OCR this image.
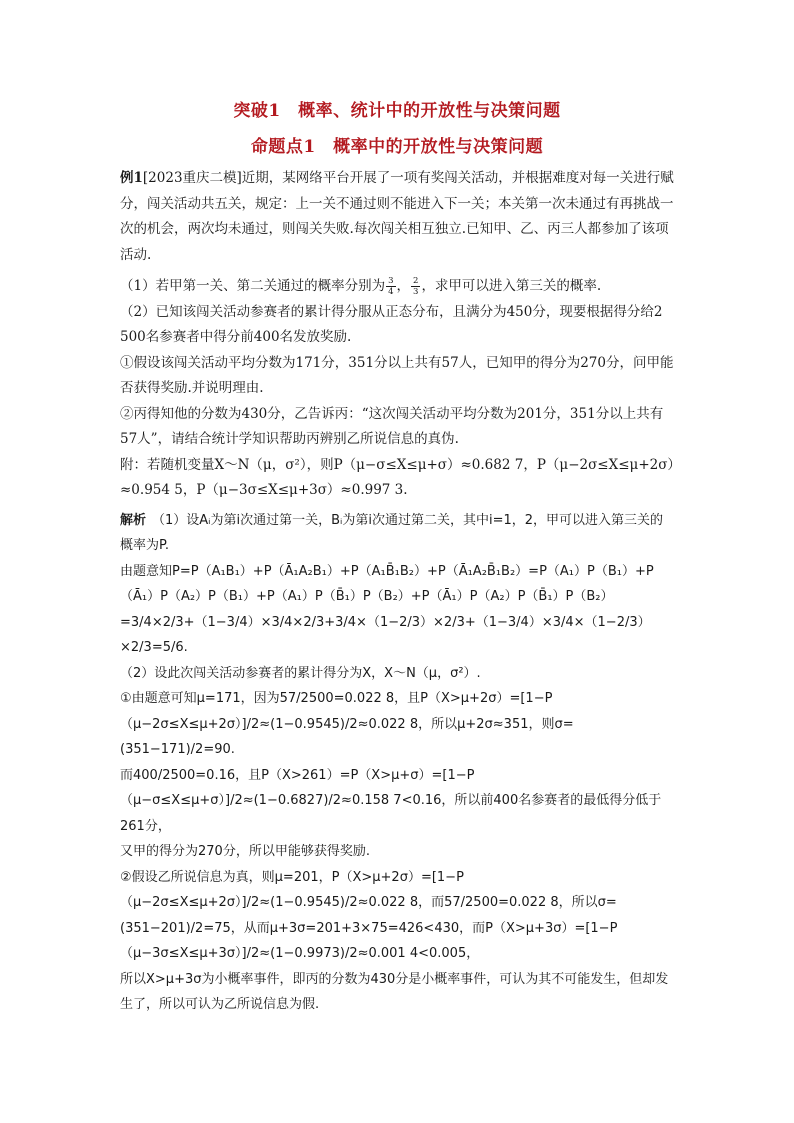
突破1　概率、统计中的开放性与决策问题
命题点1　概率中的开放性与决策问题

例1[2023重庆二模]近期，某网络平台开展了一项有奖闯关活动，并根据难度对每一关进行赋分，闯关活动共五关，规定：上一关不通过则不能进入下一关；本关第一次未通过有再挑战一次的机会，两次均未通过，则闯关失败.每次闯关相互独立.已知甲、乙、丙三人都参加了该项活动.

（1）若甲第一关、第二关通过的概率分别为 $\frac{3}{4}$ ， $\frac{2}{3}$ ，求甲可以进入第三关的概率.

（2）已知该闯关活动参赛者的累计得分服从正态分布，且满分为450分，现要根据得分给2 500名参赛者中得分前400名发放奖励.

①假设该闯关活动平均分数为171分，351分以上共有57人，已知甲的得分为270分，问甲能否获得奖励.并说明理由.

②丙得知他的分数为430分，乙告诉丙：“这次闯关活动平均分数为201分，351分以上共有57人”，请结合统计学知识帮助丙辨别乙所说信息的真伪.

附：若随机变量X～N（μ，σ²），则P（μ−σ≤X≤μ+σ）≈0.682 7，P（μ−2σ≤X≤μ+2σ）≈0.954 5，P（μ−3σ≤X≤μ+3σ）≈0.997 3.

解析 （1）设Aᵢ为第i次通过第一关，Bᵢ为第i次通过第二关，其中i=1，2，甲可以进入第三关的概率为P.

由题意知P=P（A₁B₁）+P（Ā₁A₂B₁）+P（A₁B̄₁B₂）+P（Ā₁A₂B̄₁B₂）=P（A₁）P（B₁）+P（Ā₁）P（A₂）P（B₁）+P（A₁）P（B̄₁）P（B₂）+P（Ā₁）P（A₂）P（B̄₁）P（B₂）

=3/4×2/3+（1−3/4）×3/4×2/3+3/4×（1−2/3）×2/3+（1−3/4）×3/4×（1−2/3）×2/3=5/6.

（2）设此次闯关活动参赛者的累计得分为X，X～N（μ，σ²）.

①由题意可知μ=171，因为57/2500=0.022 8，且P（X>μ+2σ）=[1−P（μ−2σ≤X≤μ+2σ）]/2≈(1−0.9545)/2≈0.022 8，所以μ+2σ≈351，则σ=(351−171)/2=90.

而400/2500=0.16，且P（X>261）=P（X>μ+σ）=[1−P（μ−σ≤X≤μ+σ）]/2≈(1−0.6827)/2≈0.158 7<0.16，所以前400名参赛者的最低得分低于261分，

又甲的得分为270分，所以甲能够获得奖励.

②假设乙所说信息为真，则μ=201，P（X>μ+2σ）=[1−P（μ−2σ≤X≤μ+2σ）]/2≈(1−0.9545)/2≈0.022 8，而57/2500=0.022 8，所以σ=(351−201)/2=75，从而μ+3σ=201+3×75=426<430，而P（X>μ+3σ）=[1−P（μ−3σ≤X≤μ+3σ）]/2≈(1−0.9973)/2≈0.001 4<0.005，

所以X>μ+3σ为小概率事件，即丙的分数为430分是小概率事件，可认为其不可能发生，但却发生了，所以可认为乙所说信息为假.
